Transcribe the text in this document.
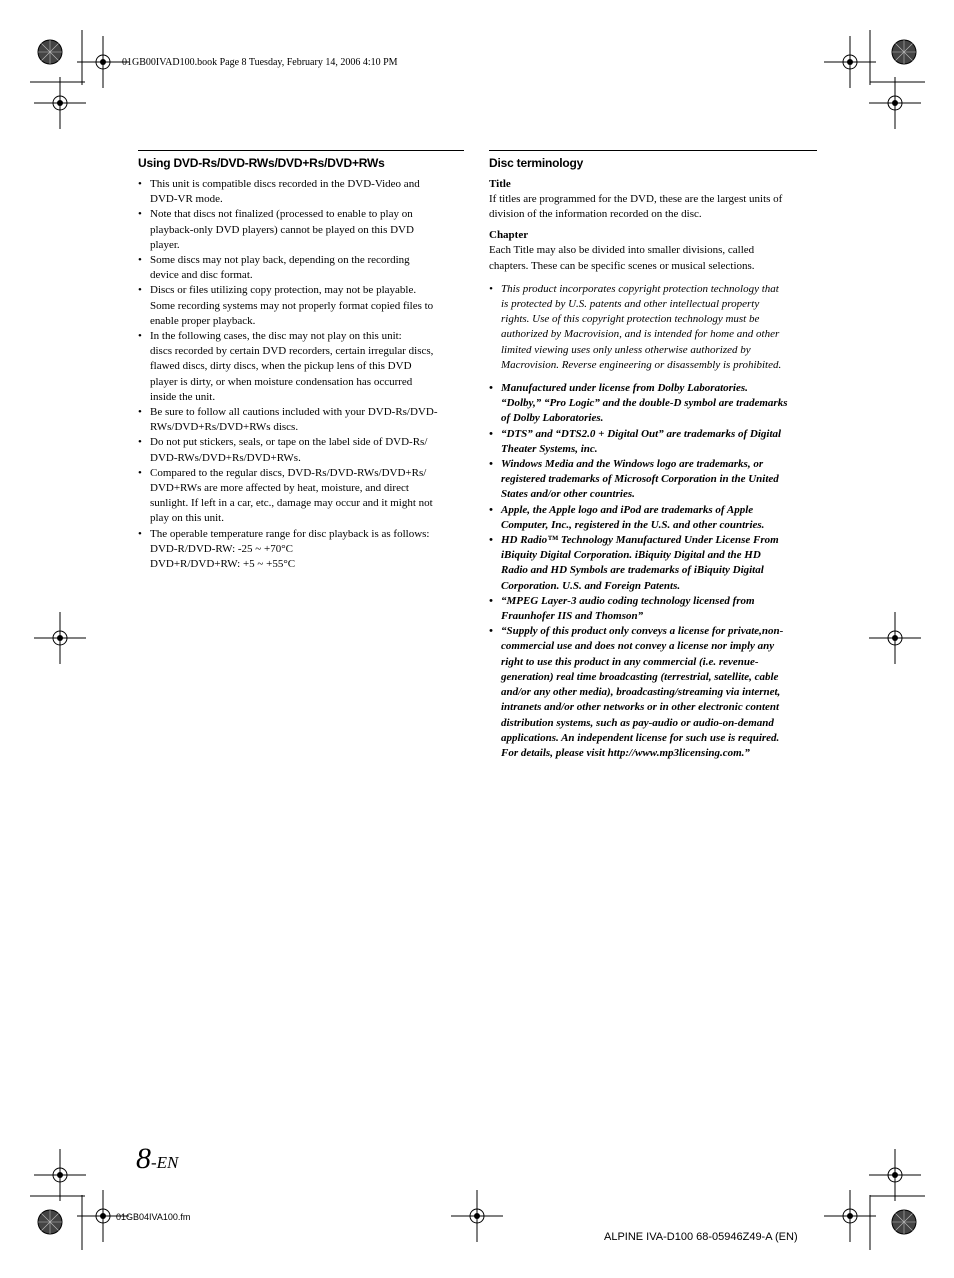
01GB00IVAD100.book Page 8 Tuesday, February 14, 2006 4:10 PM
Using DVD-Rs/DVD-RWs/DVD+Rs/DVD+RWs
• This unit is compatible discs recorded in the DVD-Video and
DVD-VR mode.
• Note that discs not finalized (processed to enable to play on
playback-only DVD players) cannot be played on this DVD
player.
• Some discs may not play back, depending on the recording
device and disc format.
• Discs or files utilizing copy protection, may not be playable.
Some recording systems may not properly format copied files to
enable proper playback.
• In the following cases, the disc may not play on this unit:
discs recorded by certain DVD recorders, certain irregular discs,
flawed discs, dirty discs, when the pickup lens of this DVD
player is dirty, or when moisture condensation has occurred
inside the unit.
• Be sure to follow all cautions included with your DVD-Rs/DVD-
RWs/DVD+Rs/DVD+RWs discs.
• Do not put stickers, seals, or tape on the label side of DVD-Rs/
DVD-RWs/DVD+Rs/DVD+RWs.
• Compared to the regular discs, DVD-Rs/DVD-RWs/DVD+Rs/
DVD+RWs are more affected by heat, moisture, and direct
sunlight. If left in a car, etc., damage may occur and it might not
play on this unit.
• The operable temperature range for disc playback is as follows:
DVD-R/DVD-RW: -25 ~ +70°C
DVD+R/DVD+RW: +5 ~ +55°C
Disc terminology
Title
If titles are programmed for the DVD, these are the largest units of
division of the information recorded on the disc.
Chapter
Each Title may also be divided into smaller divisions, called
chapters. These can be specific scenes or musical selections.
• This product incorporates copyright protection technology that
is protected by U.S. patents and other intellectual property
rights. Use of this copyright protection technology must be
authorized by Macrovision, and is intended for home and other
limited viewing uses only unless otherwise authorized by
Macrovision. Reverse engineering or disassembly is prohibited.
• Manufactured under license from Dolby Laboratories.
“Dolby,” “Pro Logic” and the double-D symbol are trademarks
of Dolby Laboratories.
• “DTS” and “DTS2.0 + Digital Out” are trademarks of Digital
Theater Systems, inc.
• Windows Media and the Windows logo are trademarks, or
registered trademarks of Microsoft Corporation in the United
States and/or other countries.
• Apple, the Apple logo and iPod are trademarks of Apple
Computer, Inc., registered in the U.S. and other countries.
• HD Radio™ Technology Manufactured Under License From
iBiquity Digital Corporation. iBiquity Digital and the HD
Radio and HD Symbols are trademarks of iBiquity Digital
Corporation. U.S. and Foreign Patents.
• “MPEG Layer-3 audio coding technology licensed from
Fraunhofer IIS and Thomson”
• “Supply of this product only conveys a license for private,non-
commercial use and does not convey a license nor imply any
right to use this product in any commercial (i.e. revenue-
generation) real time broadcasting (terrestrial, satellite, cable
and/or any other media), broadcasting/streaming via internet,
intranets and/or other networks or in other electronic content
distribution systems, such as pay-audio or audio-on-demand
applications. An independent license for such use is required.
For details, please visit http://www.mp3licensing.com.”
8-EN
01GB04IVA100.fm
ALPINE IVA-D100 68-05946Z49-A (EN)
